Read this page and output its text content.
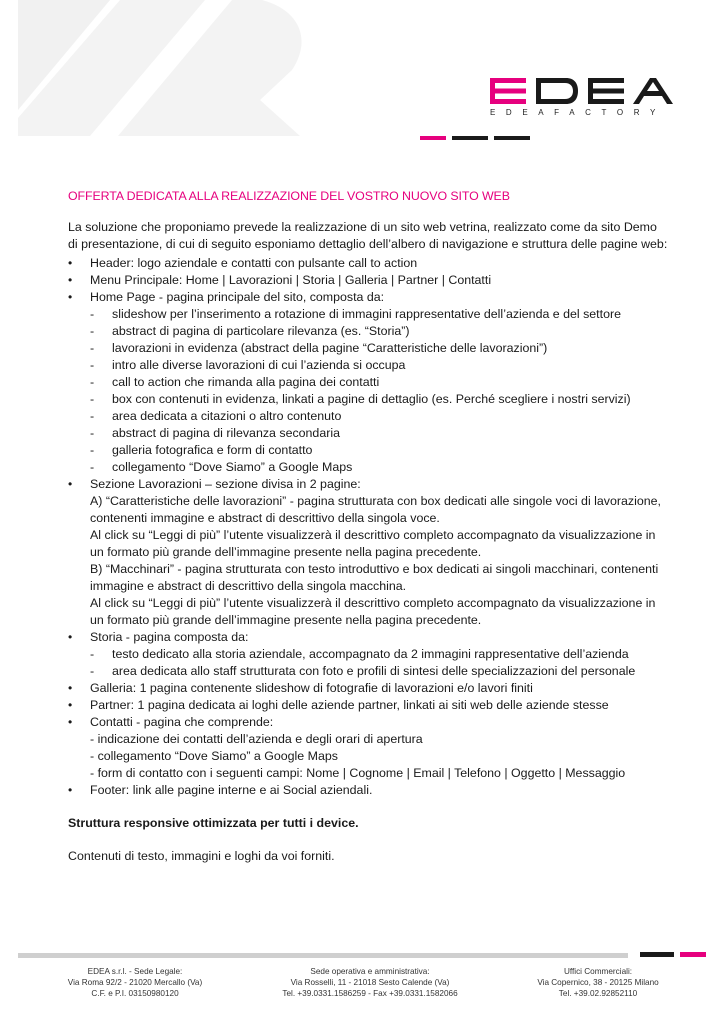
EDEAFACTORY
OFFERTA DEDICATA ALLA REALIZZAZIONE DEL VOSTRO NUOVO SITO WEB
La soluzione che proponiamo prevede la realizzazione di un sito web vetrina, realizzato come da sito Demo di presentazione, di cui di seguito esponiamo dettaglio dell’albero di navigazione e struttura delle pagine web:
• Header: logo aziendale e contatti con pulsante call to action
• Menu Principale: Home | Lavorazioni | Storia | Galleria | Partner | Contatti
• Home Page - pagina principale del sito, composta da:
- slideshow per l’inserimento a rotazione di immagini rappresentative dell’azienda e del settore
- abstract di pagina di particolare rilevanza (es. “Storia”)
- lavorazioni in evidenza (abstract della pagine “Caratteristiche delle lavorazioni”)
- intro alle diverse lavorazioni di cui l’azienda si occupa
- call to action che rimanda alla pagina dei contatti
- box con contenuti in evidenza, linkati a pagine di dettaglio (es. Perché scegliere i nostri servizi)
- area dedicata a citazioni o altro contenuto
- abstract di pagina di rilevanza secondaria
- galleria fotografica e form di contatto
- collegamento “Dove Siamo” a Google Maps
• Sezione Lavorazioni – sezione divisa in 2 pagine:
A) “Caratteristiche delle lavorazioni” - pagina strutturata con box dedicati alle singole voci di lavorazione, contenenti immagine e abstract di descrittivo della singola voce.
Al click su “Leggi di più” l’utente visualizzerà il descrittivo completo accompagnato da visualizzazione in un formato più grande dell’immagine presente nella pagina precedente.
B) “Macchinari” - pagina strutturata con testo introduttivo e box dedicati ai singoli macchinari, contenenti immagine e abstract di descrittivo della singola macchina.
Al click su “Leggi di più” l’utente visualizzerà il descrittivo completo accompagnato da visualizzazione in un formato più grande dell’immagine presente nella pagina precedente.
• Storia - pagina composta da:
- testo dedicato alla storia aziendale, accompagnato da 2 immagini rappresentative dell’azienda
- area dedicata allo staff strutturata con foto e profili di sintesi delle specializzazioni del personale
• Galleria: 1 pagina contenente slideshow di fotografie di lavorazioni e/o lavori finiti
• Partner: 1 pagina dedicata ai loghi delle aziende partner, linkati ai siti web delle aziende stesse
• Contatti - pagina che comprende:
- indicazione dei contatti dell’azienda e degli orari di apertura
- collegamento “Dove Siamo” a Google Maps
- form di contatto con i seguenti campi: Nome | Cognome | Email | Telefono | Oggetto | Messaggio
• Footer: link alle pagine interne e ai Social aziendali.
Struttura responsive ottimizzata per tutti i device.
Contenuti di testo, immagini e loghi da voi forniti.
EDEA s.r.l. - Sede Legale:
Via Roma 92/2 - 21020 Mercallo (Va)
C.F. e P.I. 03150980120
Sede operativa e amministrativa:
Via Rosselli, 11 - 21018 Sesto Calende (Va)
Tel. +39.0331.1586259 - Fax +39.0331.1582066
Uffici Commerciali:
Via Copernico, 38 - 20125 Milano
Tel. +39.02.92852110
